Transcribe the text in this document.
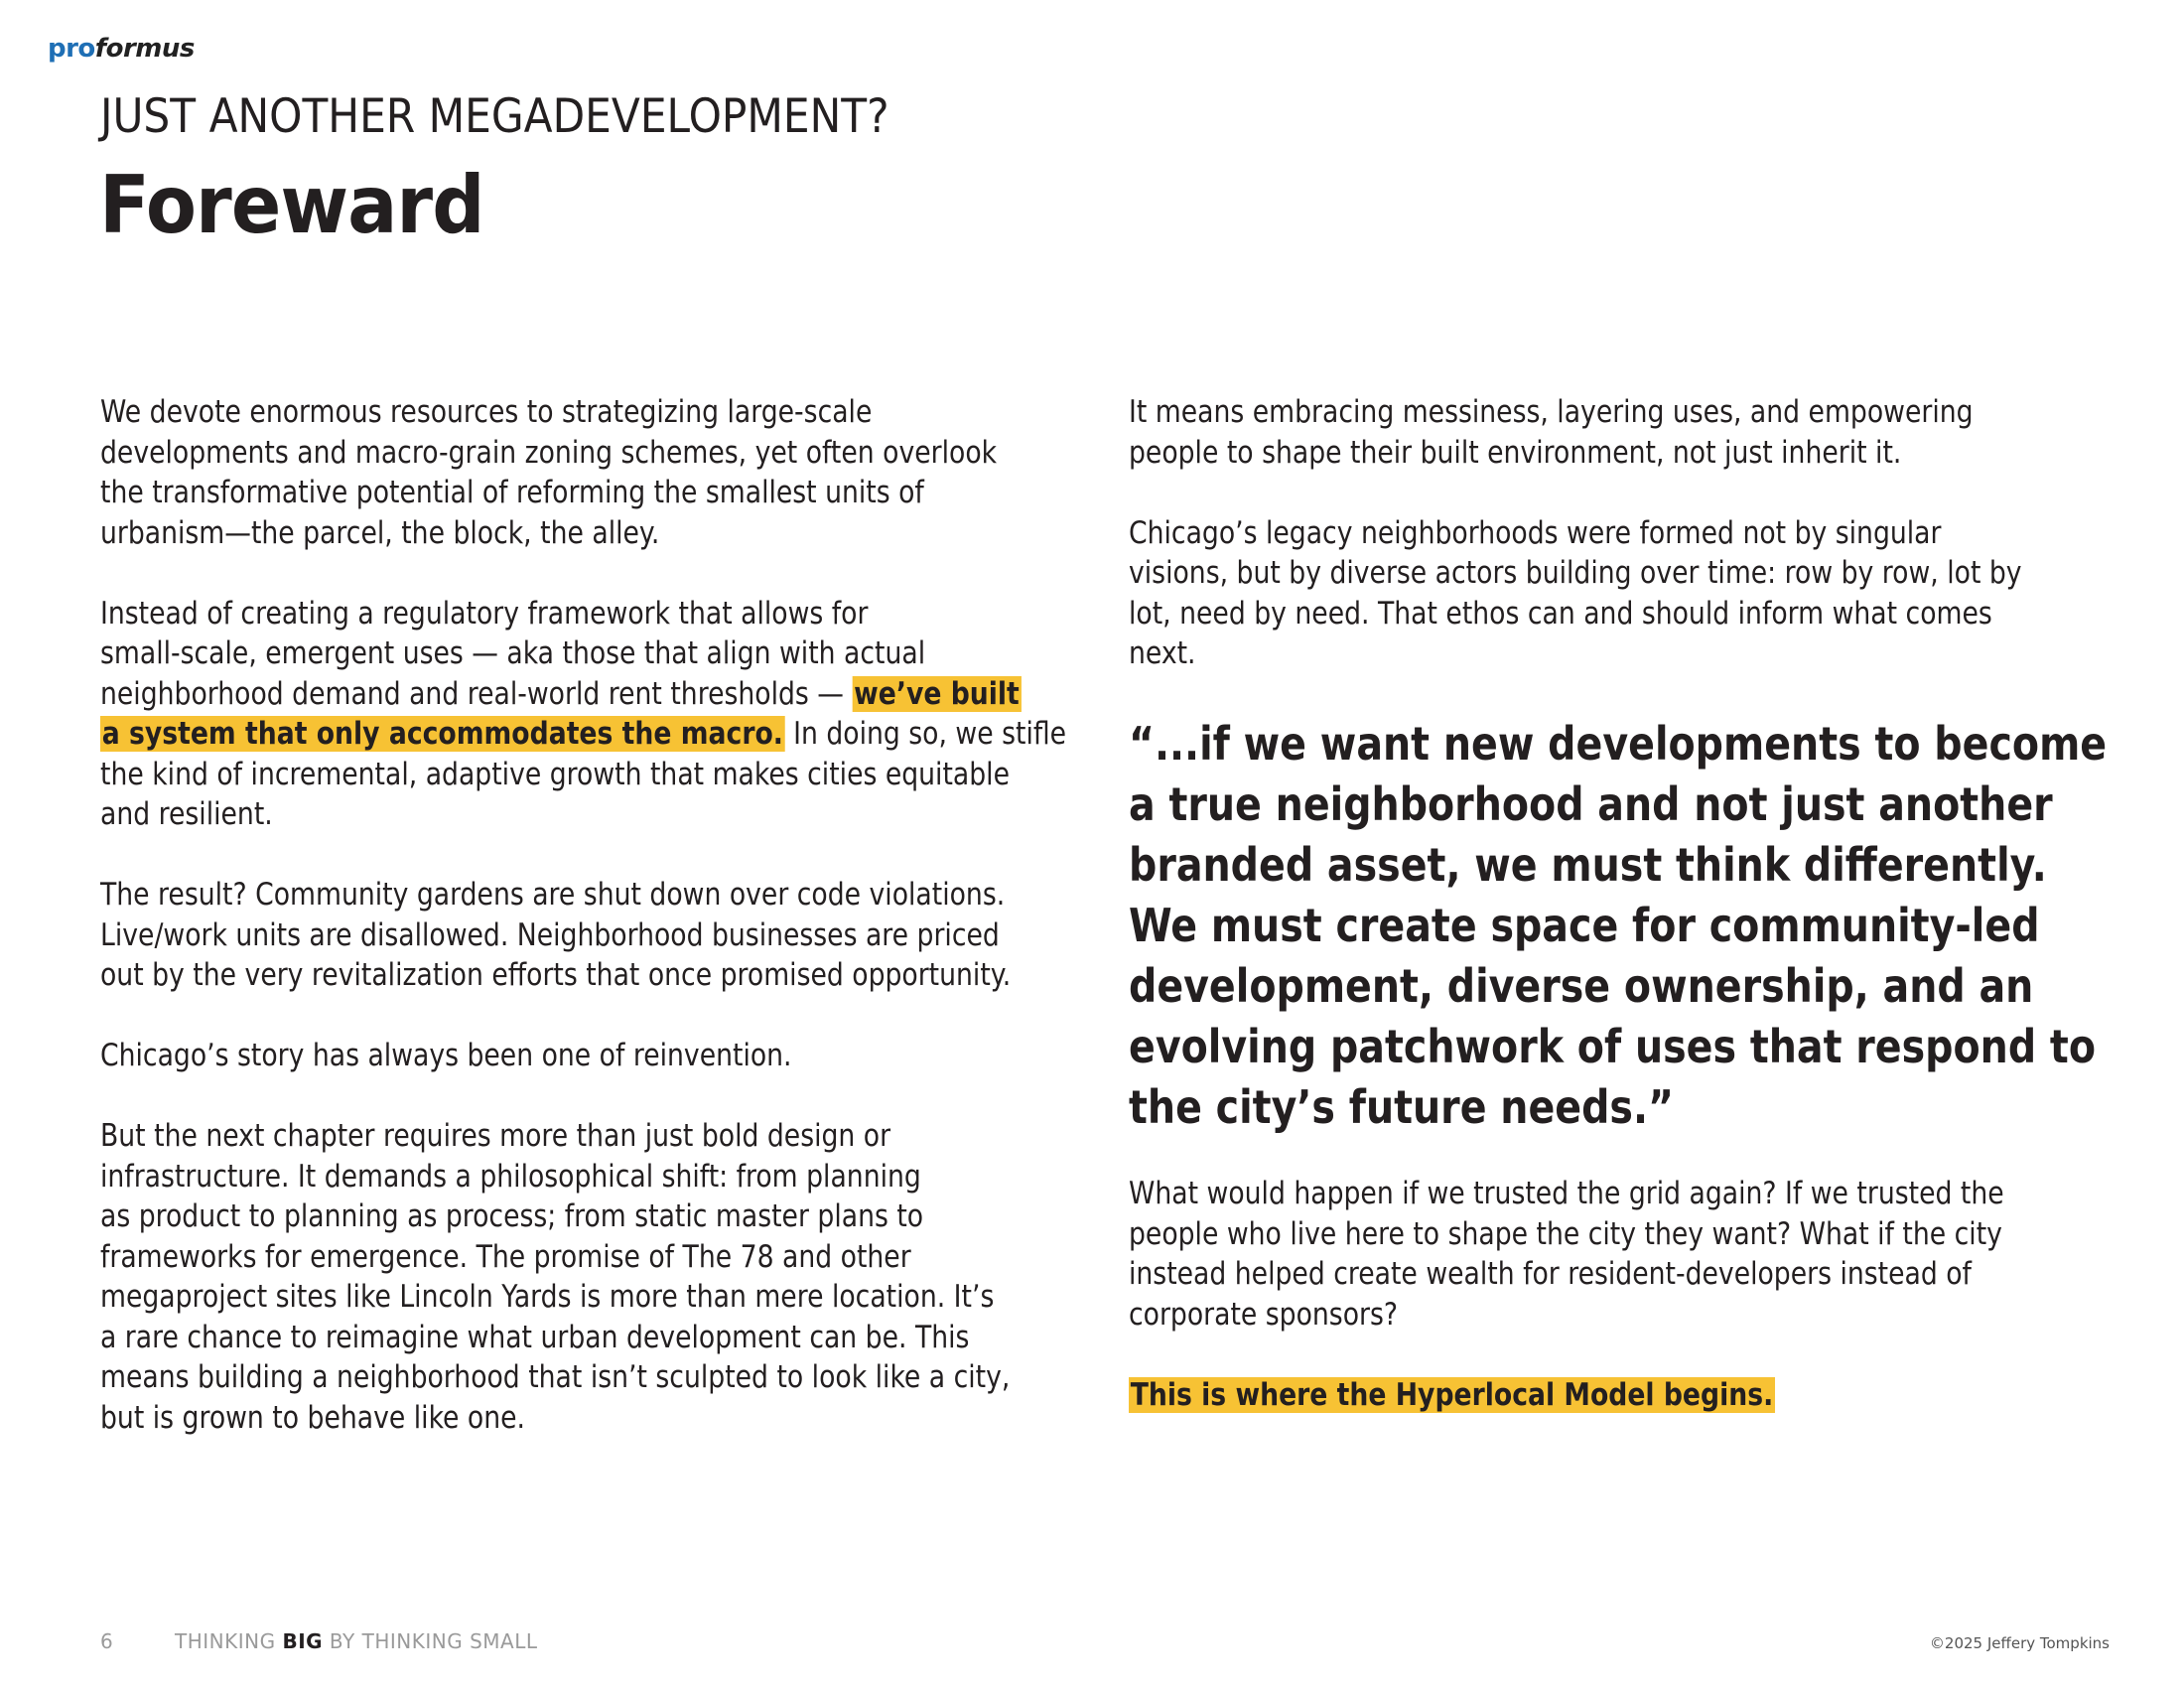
proformus
JUST ANOTHER MEGADEVELOPMENT?
Foreward

We devote enormous resources to strategizing large-scale
developments and macro-grain zoning schemes, yet often overlook
the transformative potential of reforming the smallest units of
urbanism—the parcel, the block, the alley.

Instead of creating a regulatory framework that allows for
small-scale, emergent uses — aka those that align with actual
neighborhood demand and real-world rent thresholds — we’ve built
a system that only accommodates the macro. In doing so, we stifle
the kind of incremental, adaptive growth that makes cities equitable
and resilient.

The result? Community gardens are shut down over code violations.
Live/work units are disallowed. Neighborhood businesses are priced
out by the very revitalization efforts that once promised opportunity.

Chicago’s story has always been one of reinvention.

But the next chapter requires more than just bold design or
infrastructure. It demands a philosophical shift: from planning
as product to planning as process; from static master plans to
frameworks for emergence. The promise of The 78 and other
megaproject sites like Lincoln Yards is more than mere location. It’s
a rare chance to reimagine what urban development can be. This
means building a neighborhood that isn’t sculpted to look like a city,
but is grown to behave like one.

It means embracing messiness, layering uses, and empowering
people to shape their built environment, not just inherit it.

Chicago’s legacy neighborhoods were formed not by singular
visions, but by diverse actors building over time: row by row, lot by
lot, need by need. That ethos can and should inform what comes
next.

“...if we want new developments to become
a true neighborhood and not just another
branded asset, we must think differently.
We must create space for community-led
development, diverse ownership, and an
evolving patchwork of uses that respond to
the city’s future needs.”

What would happen if we trusted the grid again? If we trusted the
people who live here to shape the city they want? What if the city
instead helped create wealth for resident-developers instead of
corporate sponsors?

This is where the Hyperlocal Model begins.

6	THINKING BIG BY THINKING SMALL	©2025 Jeffery Tompkins
